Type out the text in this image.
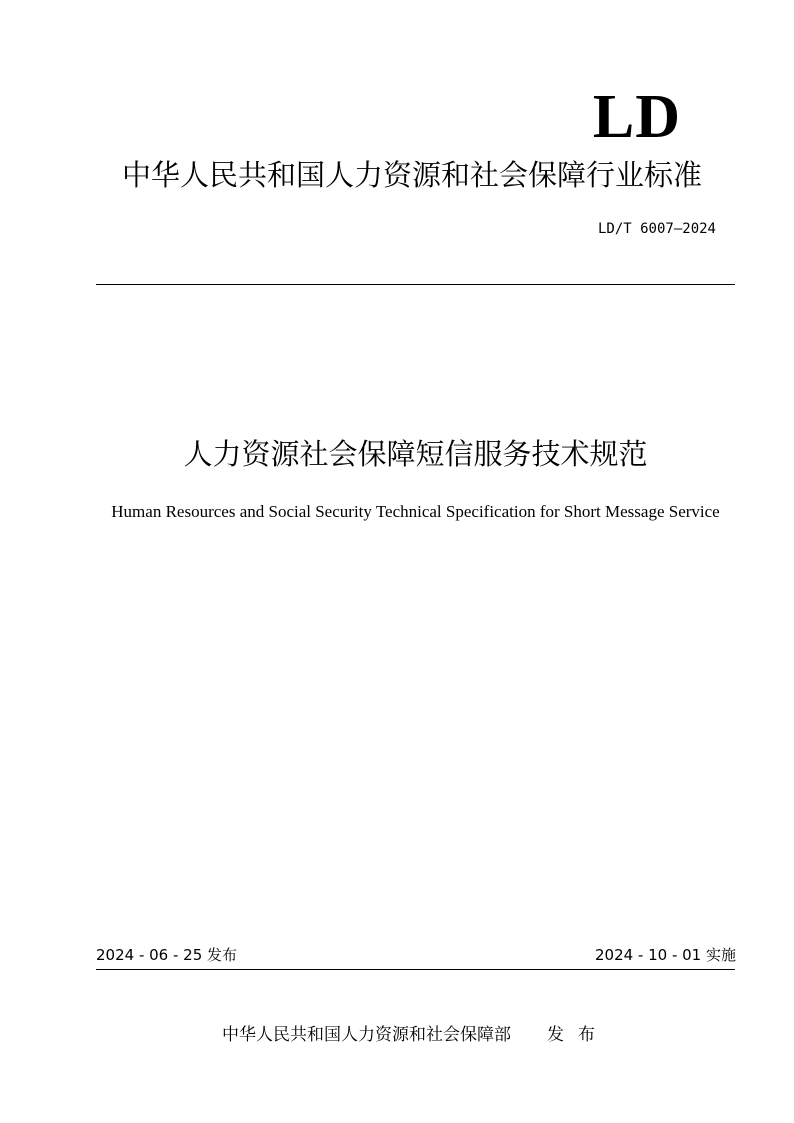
LD
中华人民共和国人力资源和社会保障行业标准
LD/T 6007—2024
人力资源社会保障短信服务技术规范
Human Resources and Social Security Technical Specification for Short Message Service
2024 - 06 - 25 发布	2024 - 10 - 01 实施
中华人民共和国人力资源和社会保障部 发布
